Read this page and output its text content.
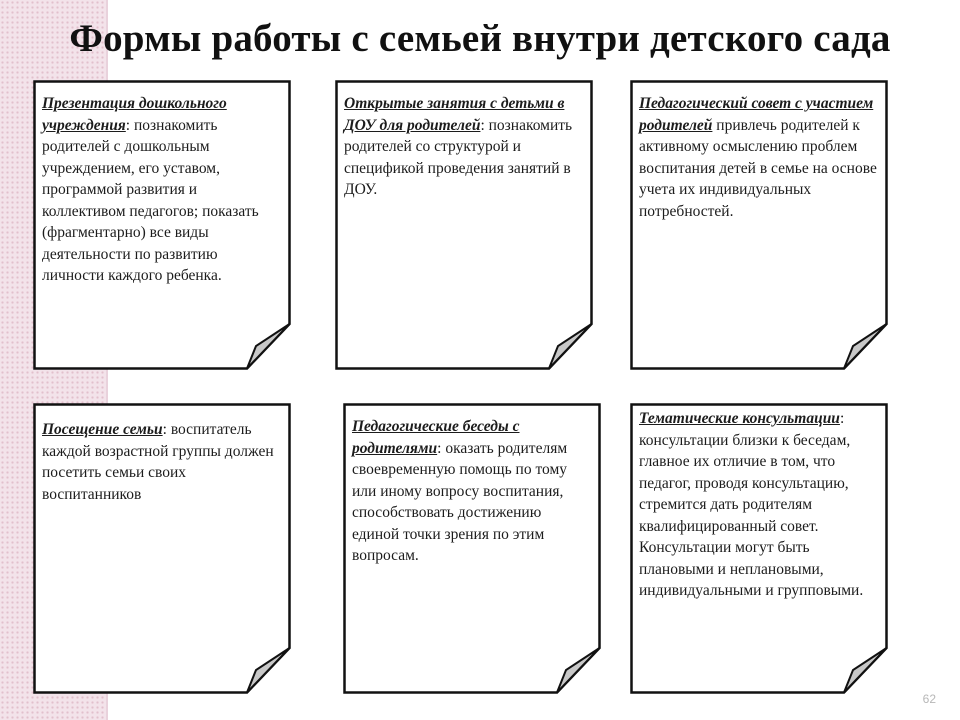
Формы работы с семьей внутри детского сада
Презентация дошкольного учреждения: познакомить родителей с дошкольным учреждением, его уставом, программой развития и коллективом педагогов; показать (фрагментарно) все виды деятельности по развитию личности каждого ребенка.
Открытые занятия с детьми в ДОУ для родителей: познакомить родителей со структурой и спецификой проведения занятий в ДОУ.
Педагогический совет с участием родителей привлечь родителей к активному осмыслению проблем воспитания детей в семье на основе учета их индивидуальных потребностей.
Посещение семьи: воспитатель каждой возрастной группы должен посетить семьи своих воспитанников
Педагогические беседы с родителями: оказать родителям своевременную помощь по тому или иному вопросу воспитания, способствовать достижению единой точки зрения по этим вопросам.
Тематические консультации: консультации близки к беседам, главное их отличие в том, что педагог, проводя консультацию, стремится дать родителям квалифицированный совет. Консультации могут быть плановыми и неплановыми, индивидуальными и групповыми.
62
